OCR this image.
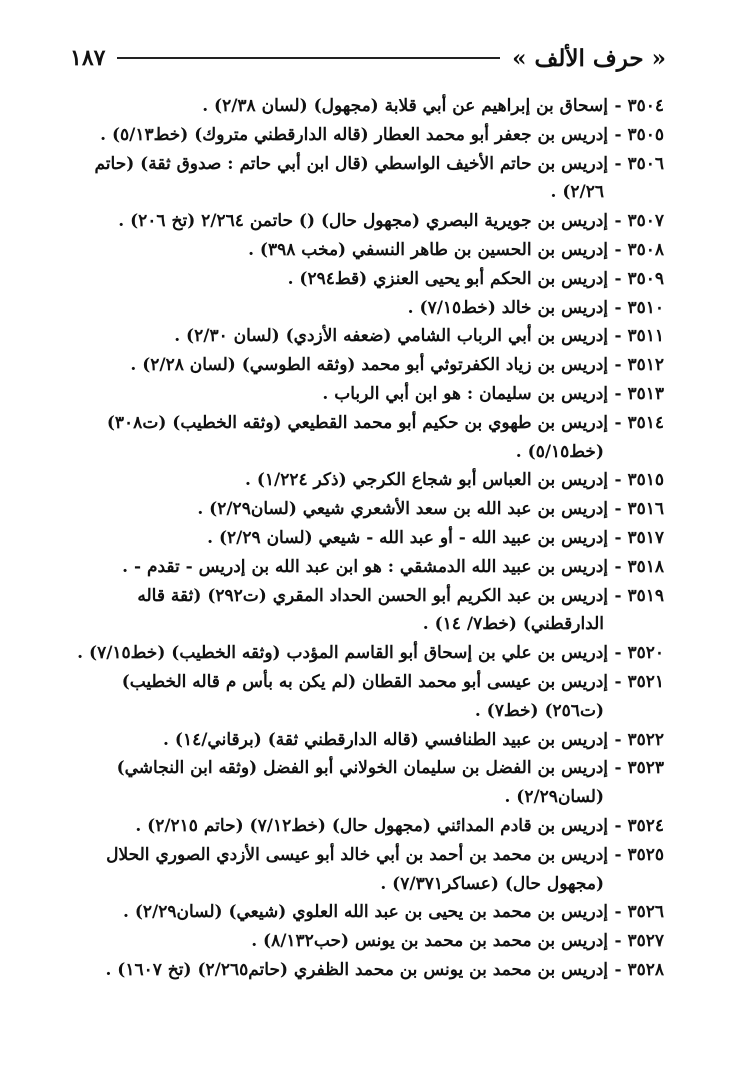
« حرف الألف »
١٨٧
٣٥٠٤ -إسحاق بن إبراهيم عن أبي قلابة (مجهول) (لسان ٢/٣٨) .
٣٥٠٥ -إدريس بن جعفر أبو محمد العطار (قاله الدارقطني متروك) (خط٥/١٣) .
٣٥٠٦ -إدريس بن حاتم الأخيف الواسطي (قال ابن أبي حاتم : صدوق ثقة) (حاتم ٢/٢٦) .
٣٥٠٧ -إدريس بن جويرية البصري (مجهول حال) () حاتمن ٢/٢٦٤ (تخ ٢٠٦) .
٣٥٠٨ -إدريس بن الحسين بن طاهر النسفي (مخب ٣٩٨) .
٣٥٠٩ -إدريس بن الحكم أبو يحيى العنزي (قط٢٩٤) .
٣٥١٠ -إدريس بن خالد (خط٧/١٥) .
٣٥١١ -إدريس بن أبي الرباب الشامي (ضعفه الأزدي) (لسان ٢/٣٠) .
٣٥١٢ -إدريس بن زياد الكفرتوثي أبو محمد (وثقه الطوسي) (لسان ٢/٢٨) .
٣٥١٣ -إدريس بن سليمان : هو ابن أبي الرباب .
٣٥١٤ -إدريس بن طهوي بن حكيم أبو محمد القطيعي (وثقه الخطيب) (ت٣٠٨) (خط٥/١٥) .
٣٥١٥ -إدريس بن العباس أبو شجاع الكرجي (ذكر ١/٢٢٤) .
٣٥١٦ -إدريس بن عبد الله بن سعد الأشعري شيعي (لسان٢/٢٩) .
٣٥١٧ -إدريس بن عبيد الله - أو عبد الله - شيعي (لسان ٢/٢٩) .
٣٥١٨ -إدريس بن عبيد الله الدمشقي : هو ابن عبد الله بن إدريس - تقدم - .
٣٥١٩ -إدريس بن عبد الكريم أبو الحسن الحداد المقري (ت٢٩٢) (ثقة قاله الدارقطني) (خط٧/ ١٤) .
٣٥٢٠ -إدريس بن علي بن إسحاق أبو القاسم المؤدب (وثقه الخطيب) (خط٧/١٥) .
٣٥٢١ -إدريس بن عيسى أبو محمد القطان (لم يكن به بأس م قاله الخطيب) (ت٢٥٦) (خط٧) .
٣٥٢٢ -إدريس بن عبيد الطنافسي (قاله الدارقطني ثقة) (برقاني/١٤) .
٣٥٢٣ -إدريس بن الفضل بن سليمان الخولاني أبو الفضل (وثقه ابن النجاشي) (لسان٢/٢٩) .
٣٥٢٤ -إدريس بن قادم المدائني (مجهول حال) (خط٧/١٢) (حاتم ٢/٢١٥) .
٣٥٢٥ -إدريس بن محمد بن أحمد بن أبي خالد أبو عيسى الأزدي الصوري الحلال (مجهول حال) (عساكر٧/٣٧١) .
٣٥٢٦ -إدريس بن محمد بن يحيى بن عبد الله العلوي (شيعي) (لسان٢/٢٩) .
٣٥٢٧ -إدريس بن محمد بن محمد بن يونس (حب٨/١٣٢) .
٣٥٢٨ -إدريس بن محمد بن يونس بن محمد الظفري (حاتم٢/٢٦٥) (تخ ١٦٠٧) .
